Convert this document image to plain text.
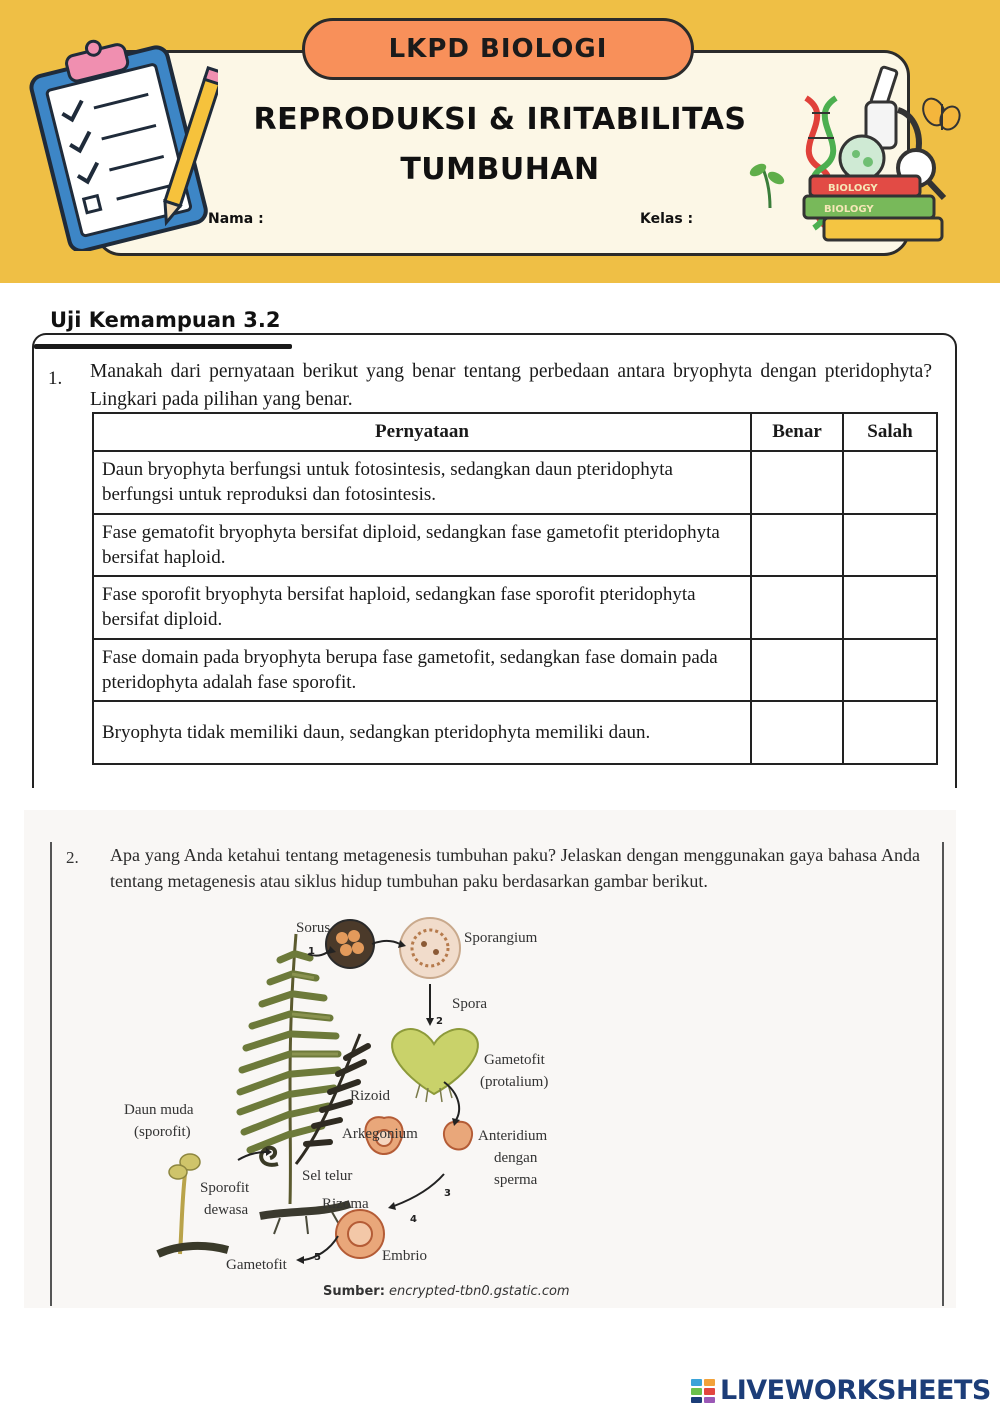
LKPD BIOLOGI
REPRODUKSI & IRITABILITAS
TUMBUHAN
Nama :	Kelas :
BIOLOGY
BIOLOGY
Uji Kemampuan 3.2
1. Manakah dari pernyataan berikut yang benar tentang perbedaan antara bryophyta dengan pteridophyta? Lingkari pada pilihan yang benar.
Pernyataan	Benar	Salah
Daun bryophyta berfungsi untuk fotosintesis, sedangkan daun pteridophyta berfungsi untuk reproduksi dan fotosintesis.		
Fase gematofit bryophyta bersifat diploid, sedangkan fase gametofit pteridophyta bersifat haploid.		
Fase sporofit bryophyta bersifat haploid, sedangkan fase sporofit pteridophyta bersifat diploid.		
Fase domain pada bryophyta berupa fase gametofit, sedangkan fase domain pada pteridophyta adalah fase sporofit.		
Bryophyta tidak memiliki daun, sedangkan pteridophyta memiliki daun.		
2. Apa yang Anda ketahui tentang metagenesis tumbuhan paku? Jelaskan dengan menggunakan gaya bahasa Anda tentang metagenesis atau siklus hidup tumbuhan paku berdasarkan gambar berikut.
Sorus
Sporangium
Spora
Gametofit
(protalium)
Rizoid
Arkegonium	Anteridium
dengan
sperma
Sel telur
Rizoma
Embrio
Daun muda
(sporofit)
Sporofit
dewasa
Gametofit
1
2
3
4
5
Sumber: encrypted-tbn0.gstatic.com
LIVEWORKSHEETS
